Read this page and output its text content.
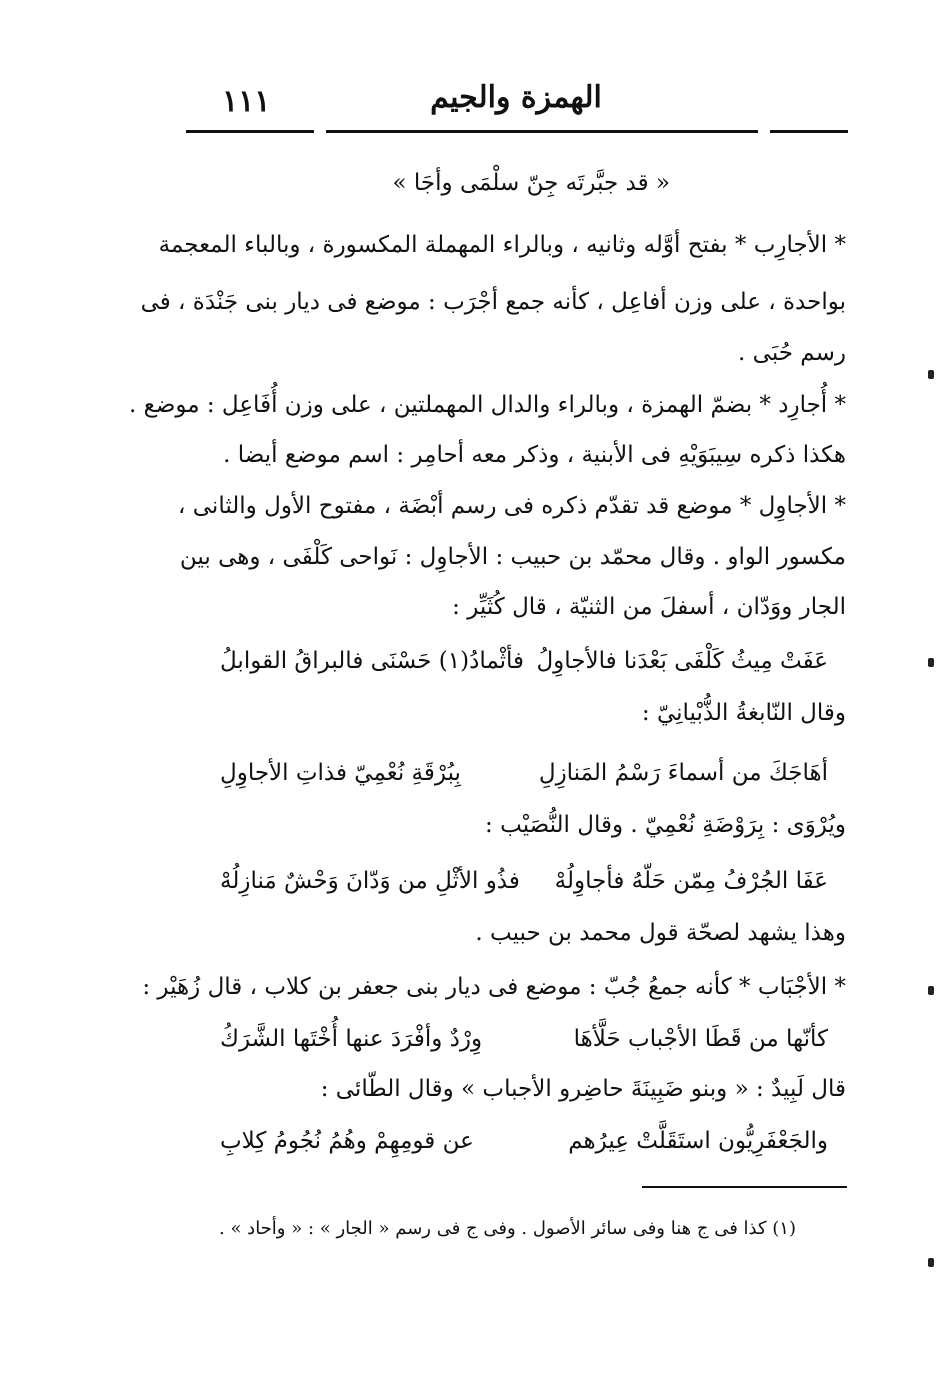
١١١	الهمزة والجيم
« قد جبَّرتَه جِنّ سلْمَى وأجَا »
* الأجارِب * بفتح أوَّله وثانيه ، وبالراء المهملة المكسورة ، وبالباء المعجمة
بواحدة ، على وزن أفاعِل ، كأنه جمع أجْرَب : موضع فى ديار بنى جَنْدَة ، فى
رسم حُبَى .
* أُجارِد * بضمّ الهمزة ، وبالراء والدال المهملتين ، على وزن أُفَاعِل : موضع .
هكذا ذكره سِيبَوَيْهِ فى الأبنية ، وذكر معه أحامِر : اسم موضع أيضا .
* الأجاوِل * موضع قد تقدّم ذكره فى رسم أبْضَة ، مفتوح الأول والثانى ،
مكسور الواو . وقال محمّد بن حبيب : الأجاوِل : نَواحى كَلْفَى ، وهى بين
الجار ووَدّان ، أسفلَ من الثنيّة ، قال كُثَيِّر :
عَفَتْ مِيثُ كَلْفَى بَعْدَنا فالأجاوِلُ
فأثْمادُ(١) حَسْنَى فالبراقُ القوابلُ
وقال النّابغةُ الذُّبْيانِيّ :
أهَاجَكَ من أسماءَ رَسْمُ المَنازِلِ
بِبُرْقَةِ نُعْمِيّ فذاتِ الأجاوِلِ
ويُرْوَى : بِرَوْضَةِ نُعْمِيّ . وقال النُّصَيْب :
عَفَا الجُرْفُ مِمّن حَلّهُ فأجاوِلُهْ
فذُو الأثْلِ من وَدّانَ وَحْشٌ مَنازِلُهْ
وهذا يشهد لصحّة قول محمد بن حبيب .
* الأجْبَاب * كأنه جمعُ جُبّ : موضع فى ديار بنى جعفر بن كلاب ، قال زُهَيْر :
كأنّها من قَطَا الأجْباب حَلَّأهَا
وِرْدٌ وأفْرَدَ عنها أُخْتَها الشَّرَكُ
قال لَبِيدٌ : « وبنو ضَبِينَةَ حاضِرو الأجباب » وقال الطّائى :
والجَعْفَرِيُّون استَقَلَّتْ عِيرُهم
عن قومِهِمْ وهُمُ نُجُومُ كِلابِ
(١) كذا فى ج هنا وفى سائر الأصول . وفى ج فى رسم « الجار » : « وأحاد » .
